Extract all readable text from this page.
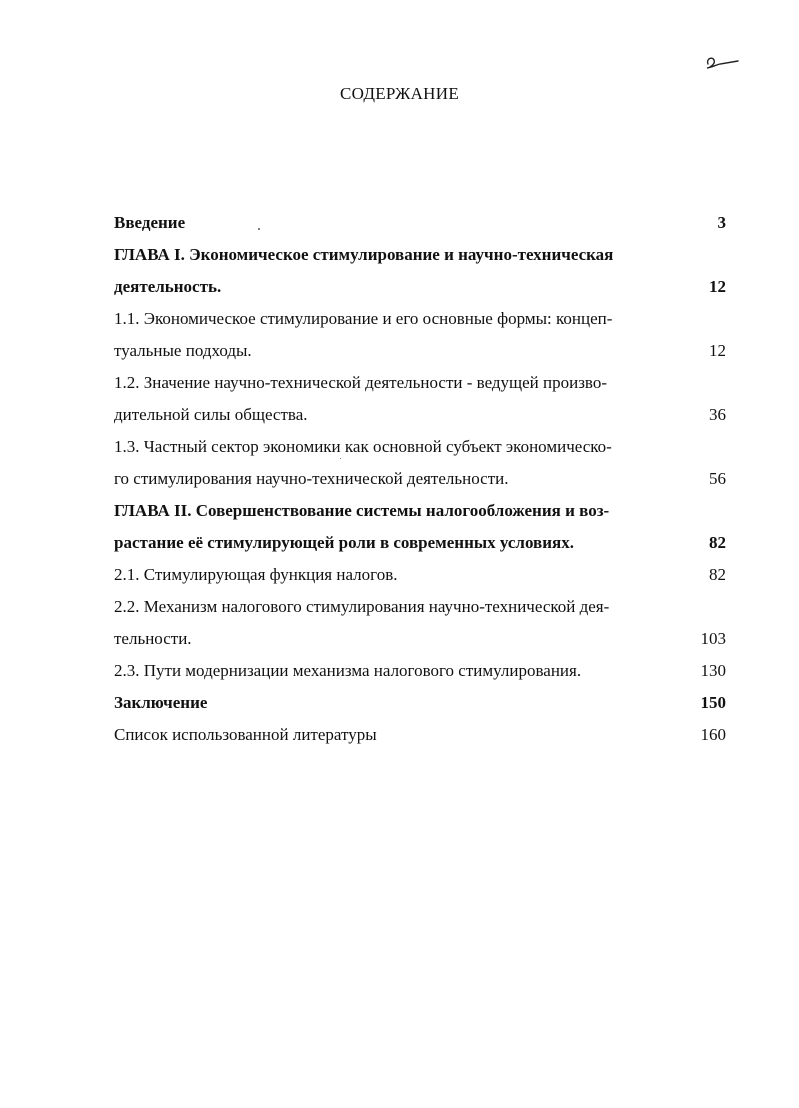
СОДЕРЖАНИЕ
Введение	3
ГЛАВА I. Экономическое стимулирование и научно-техническая
деятельность.	12
1.1. Экономическое стимулирование и его основные формы: концеп-
туальные подходы.	12
1.2. Значение научно-технической деятельности - ведущей произво-
дительной силы общества.	36
1.3. Частный сектор экономики как основной субъект экономическо-
го стимулирования научно-технической деятельности.	56
ГЛАВА II. Совершенствование системы налогообложения и воз-
растание её стимулирующей роли в современных условиях.	82
2.1. Стимулирующая функция налогов.	82
2.2. Механизм налогового стимулирования научно-технической дея-
тельности.	103
2.3. Пути модернизации механизма налогового стимулирования.	130
Заключение	150
Список использованной литературы	160
